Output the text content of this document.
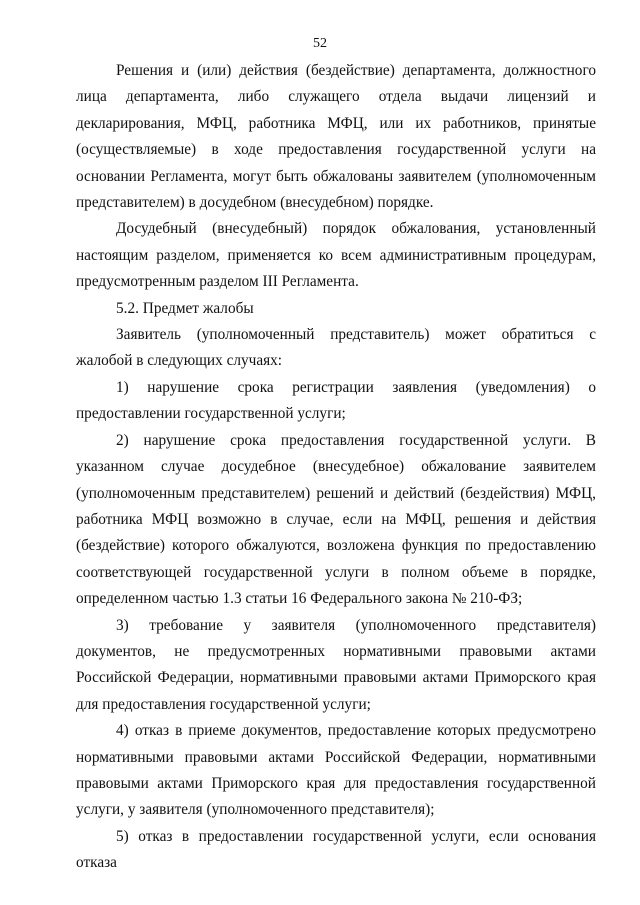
52

Решения и (или) действия (бездействие) департамента, должностного лица департамента, либо служащего отдела выдачи лицензий и декларирования, МФЦ, работника МФЦ, или их работников, принятые (осуществляемые) в ходе предоставления государственной услуги на основании Регламента, могут быть обжалованы заявителем (уполномоченным представителем) в досудебном (внесудебном) порядке.

Досудебный (внесудебный) порядок обжалования, установленный настоящим разделом, применяется ко всем административным процедурам, предусмотренным разделом III Регламента.

5.2. Предмет жалобы

Заявитель (уполномоченный представитель) может обратиться с жалобой в следующих случаях:

1) нарушение срока регистрации заявления (уведомления) о предоставлении государственной услуги;

2) нарушение срока предоставления государственной услуги. В указанном случае досудебное (внесудебное) обжалование заявителем (уполномоченным представителем) решений и действий (бездействия) МФЦ, работника МФЦ возможно в случае, если на МФЦ, решения и действия (бездействие) которого обжалуются, возложена функция по предоставлению соответствующей государственной услуги в полном объеме в порядке, определенном частью 1.3 статьи 16 Федерального закона № 210-ФЗ;

3) требование у заявителя (уполномоченного представителя) документов, не предусмотренных нормативными правовыми актами Российской Федерации, нормативными правовыми актами Приморского края для предоставления государственной услуги;

4) отказ в приеме документов, предоставление которых предусмотрено нормативными правовыми актами Российской Федерации, нормативными правовыми актами Приморского края для предоставления государственной услуги, у заявителя (уполномоченного представителя);

5) отказ в предоставлении государственной услуги, если основания отказа
